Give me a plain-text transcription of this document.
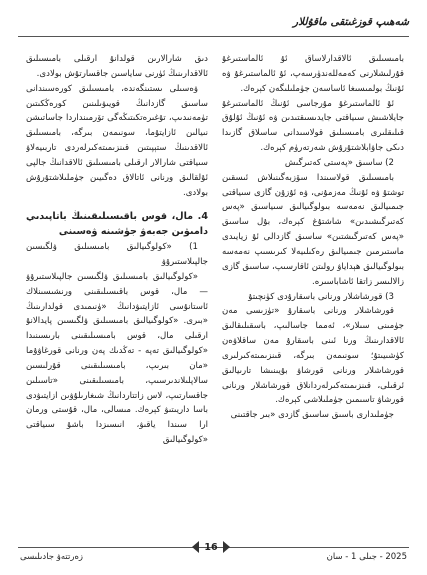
شەھىپ قوزغىتقى ماقۇللار

بامىسىلىق ئالاقدارلاساق ئۇ ئالماستىرغۇ قۇرلىشلارنى كەمەللەندۈرسەپ، ئۇ ئالماستىرغۇ ۋە ئۇنىڭ بولمىسىغا ئاساسەن جۈملىلىگەن كېرەك.

ئۇ ئالماستىرغۇ مۇرجاسى ئۇنىڭ ئالماستىرغۇ جايلاشىش سىياقتى جايدىسىقتىدىن ۋە ئۇنىڭ ئۇلۇق قىلىقلىرى بامىسىلىق قولاسىدانى ساسلاق گازىدا دىكى جاۋابلاشتۇرۇش شەرتەرۈم كېرەك.

2) ساسىق «پەستى كەتىرگىش

بامىسىلىق قولاسىندا سۆزبەگىنىلاش ئىسقىن توشتۇ ۋە ئۇنىڭ مەزمۇنى، ۋە ئۇزۇن گازى سىياقتى جىمىيالىق نەمەسە بىولوگىيالىق سىياسىق «پەس كەتىرگىشىدىن» شاشتۇغ كېرەك، بۇل ساسىق «پەس كەتىرگىشتىن» ساسىق گازدالى ئۇ زيايىدى ماستىرمىن جىمىيالىق رەكىلىيەلا كىرىسىپ نەمەسە بىولوگىيالىق ھېداياۋ رولىتن ئاقارسىپ، ساسىق گازى زالالىسر زاتقا ئاشاباسىرە.

3) قورشاشلار ورنانى باسقارۇدى كۈنچىتۇ

قورشاشلار ورنانى باسقارۇ «تۈزىسى مەن جۈمىنى سىلار»، ئەمما جاسالىپ، باسقىلىقالىق ئالاقدارىنىڭ ورنا ئىنى باسقارۇ مەن ساقلاۋەن كۈشىيىتۇ؛ سونىمەن بىرگە، قىنزىمىتەكىرلىرى قورشاشلار ورنانى قورشاۋ بۇيىنىشا تارىيالىق ئرقىلى، قىنزىمىتەكىرلەردانلاق قورشاشلار ورنانى قورشاۋ تاسىمىن جۈملىلاشى كېرەك.

جۈملىدارى باسىق ساسىق گازدى «بىر جاقتىنى

دىق شارالارىن قولدانۇ ارقىلى بامىسىلىق ئالاقدارىنىڭ ئۈرنى ساياسىن جاقسارتۇش بولادى.

ۋەسىلى ىستىنگەندە، بامىسىلىق كورەسىندانى ساسىق گازدانىڭ قويىۋىلىنىن كورەڭكىتىن تۈمەنىدىپ، تۇغىرەتكىتىڭەگى تۆرمىنداردا جاساتىشن نىيالىن ئازايتۇما، سونىمەن بىرگە، بامىسىلىق ئالاقدىنىڭ ستېپىتىن قىنزىمىتەكىرلەردى تاربىيەلاۋ سىياقتى شارالار ارقىلى بامىسىلىق ئالاقدانىڭ جالپى ئۇلقالىق ورنانى ئاتالاق دەگىيىن جۈملىلاشتۇرۇش بولادى.

4. مال، قوس باقىسىلىقىنىڭ باتاپىدىي دامىۋىن جەبەۋ جۈشىنە ۋەسىنى

1) «كولوگىيالىق بامىسىلىق ۋلگىسىن جالپىلاستىرۇۋ

«كولوگىيالىق بامىسىلىق ۋلگىسىن جالپىلاستىرۇۋ — مال، قوس باقىسىلىقىنى ورنشىسىنلاك ئاستانۇسى ئازايتىۋدانىڭ «ۈنىمىدى قولدارىنىڭ «بىرى. «كولوگىيالىق بامىسىلىق ۋلگىسىن پايدالانۇ ارقىلى مال، قوس بامىسىلىقىنى بارىسىنىدا «كولوگىيالىق تەپە - تەڭدىك پەن ورنانى قورغاۋۇما «مان بىرىپ، بامىسىلىقىنى قۇرلىسىن سالاپلىلاندىرسىپ، بامىسىلىقىنى «تاسىلىن جاقسارتىپ، لاس زاتتاردانىڭ شىغارىلۇۋىن ازايتىۋدى باسا داريىتىۋ كېرەك. مىسالى، مال، قۇستى ورمان ارا سىندا ياقىۋ، انىسىزدا باشۇ سىياقتى «كولوگىيالىق

زەرتتەۋ جادىلىسى
16
2025 - جىلى 1 - سان
